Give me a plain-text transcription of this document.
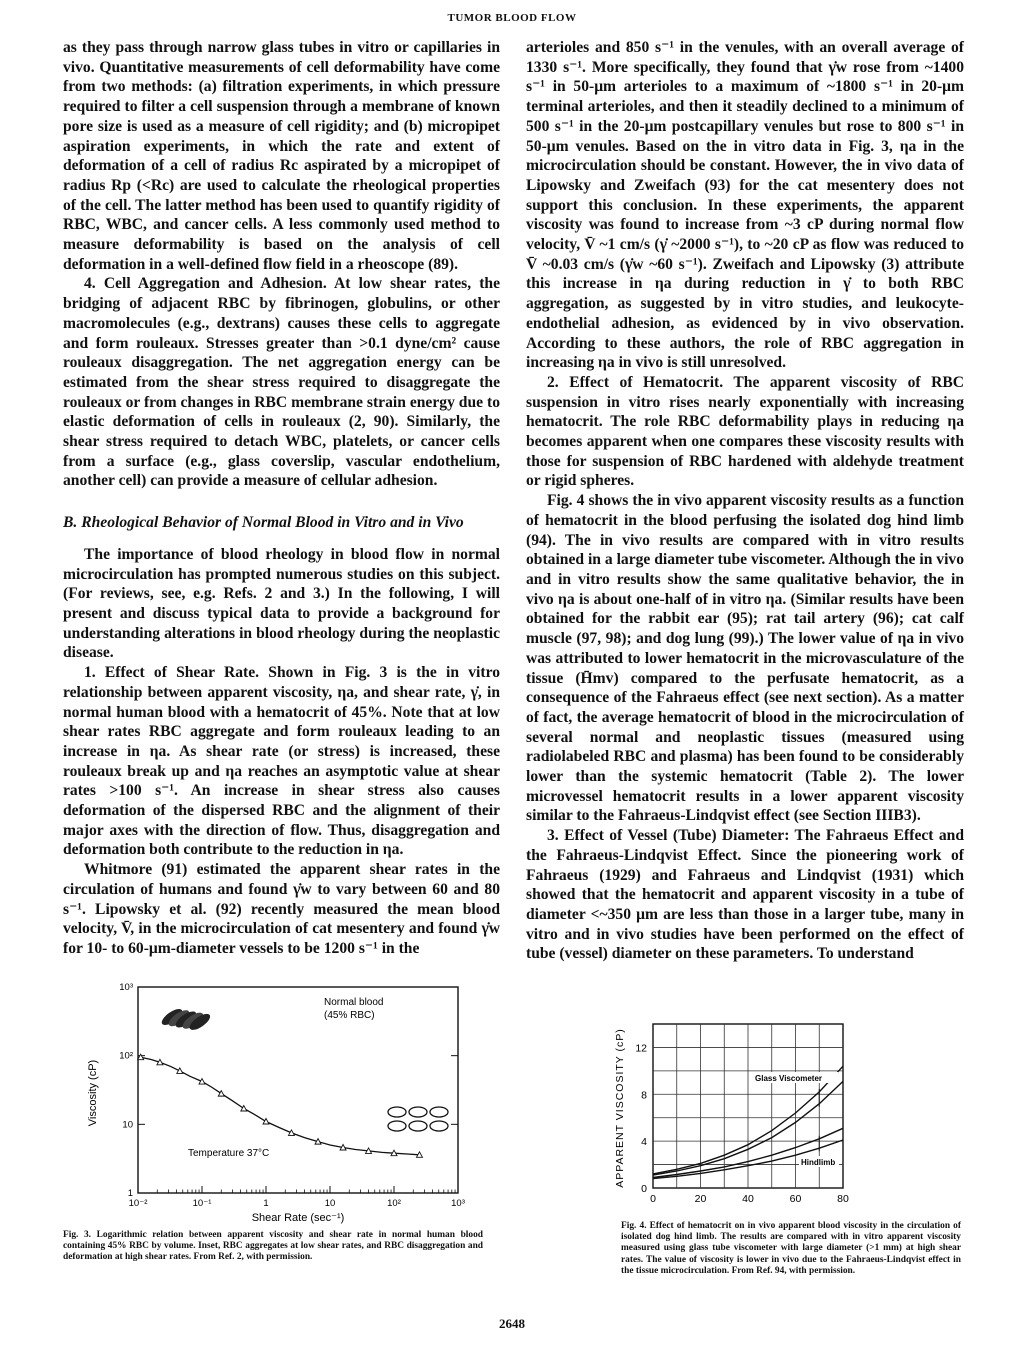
TUMOR BLOOD FLOW

as they pass through narrow glass tubes in vitro or capillaries in vivo. Quantitative measurements of cell deformability have come from two methods: (a) filtration experiments, in which pressure required to filter a cell suspension through a membrane of known pore size is used as a measure of cell rigidity; and (b) micropipet aspiration experiments, in which the rate and extent of deformation of a cell of radius Rc aspirated by a micropipet of radius Rp (<Rc) are used to calculate the rheological properties of the cell. The latter method has been used to quantify rigidity of RBC, WBC, and cancer cells. A less commonly used method to measure deformability is based on the analysis of cell deformation in a well-defined flow field in a rheoscope (89).

4. Cell Aggregation and Adhesion. At low shear rates, the bridging of adjacent RBC by fibrinogen, globulins, or other macromolecules (e.g., dextrans) causes these cells to aggregate and form rouleaux. Stresses greater than >0.1 dyne/cm² cause rouleaux disaggregation. The net aggregation energy can be estimated from the shear stress required to disaggregate the rouleaux or from changes in RBC membrane strain energy due to elastic deformation of cells in rouleaux (2, 90). Similarly, the shear stress required to detach WBC, platelets, or cancer cells from a surface (e.g., glass coverslip, vascular endothelium, another cell) can provide a measure of cellular adhesion.

B. Rheological Behavior of Normal Blood in Vitro and in Vivo

The importance of blood rheology in blood flow in normal microcirculation has prompted numerous studies on this subject. (For reviews, see, e.g. Refs. 2 and 3.) In the following, I will present and discuss typical data to provide a background for understanding alterations in blood rheology during the neoplastic disease.

1. Effect of Shear Rate. Shown in Fig. 3 is the in vitro relationship between apparent viscosity, ηa, and shear rate, γ̇, in normal human blood with a hematocrit of 45%. Note that at low shear rates RBC aggregate and form rouleaux leading to an increase in ηa. As shear rate (or stress) is increased, these rouleaux break up and ηa reaches an asymptotic value at shear rates >100 s⁻¹. An increase in shear stress also causes deformation of the dispersed RBC and the alignment of their major axes with the direction of flow. Thus, disaggregation and deformation both contribute to the reduction in ηa.

Whitmore (91) estimated the apparent shear rates in the circulation of humans and found γ̇w to vary between 60 and 80 s⁻¹. Lipowsky et al. (92) recently measured the mean blood velocity, V̄, in the microcirculation of cat mesentery and found γ̇w for 10- to 60-μm-diameter vessels to be 1200 s⁻¹ in the

arterioles and 850 s⁻¹ in the venules, with an overall average of 1330 s⁻¹. More specifically, they found that γ̇w rose from ~1400 s⁻¹ in 50-μm arterioles to a maximum of ~1800 s⁻¹ in 20-μm terminal arterioles, and then it steadily declined to a minimum of 500 s⁻¹ in the 20-μm postcapillary venules but rose to 800 s⁻¹ in 50-μm venules. Based on the in vitro data in Fig. 3, ηa in the microcirculation should be constant. However, the in vivo data of Lipowsky and Zweifach (93) for the cat mesentery does not support this conclusion. In these experiments, the apparent viscosity was found to increase from ~3 cP during normal flow velocity, V̄ ~1 cm/s (γ̇ ~2000 s⁻¹), to ~20 cP as flow was reduced to V̄ ~0.03 cm/s (γ̇w ~60 s⁻¹). Zweifach and Lipowsky (3) attribute this increase in ηa during reduction in γ̇ to both RBC aggregation, as suggested by in vitro studies, and leukocyte-endothelial adhesion, as evidenced by in vivo observation. According to these authors, the role of RBC aggregation in increasing ηa in vivo is still unresolved.

2. Effect of Hematocrit. The apparent viscosity of RBC suspension in vitro rises nearly exponentially with increasing hematocrit. The role RBC deformability plays in reducing ηa becomes apparent when one compares these viscosity results with those for suspension of RBC hardened with aldehyde treatment or rigid spheres.

Fig. 4 shows the in vivo apparent viscosity results as a function of hematocrit in the blood perfusing the isolated dog hind limb (94). The in vivo results are compared with in vitro results obtained in a large diameter tube viscometer. Although the in vivo and in vitro results show the same qualitative behavior, the in vivo ηa is about one-half of in vitro ηa. (Similar results have been obtained for the rabbit ear (95); rat tail artery (96); cat calf muscle (97, 98); and dog lung (99).) The lower value of ηa in vivo was attributed to lower hematocrit in the microvasculature of the tissue (H̄mv) compared to the perfusate hematocrit, as a consequence of the Fahraeus effect (see next section). As a matter of fact, the average hematocrit of blood in the microcirculation of several normal and neoplastic tissues (measured using radiolabeled RBC and plasma) has been found to be considerably lower than the systemic hematocrit (Table 2). The lower microvessel hematocrit results in a lower apparent viscosity similar to the Fahraeus-Lindqvist effect (see Section IIIB3).

3. Effect of Vessel (Tube) Diameter: The Fahraeus Effect and the Fahraeus-Lindqvist Effect. Since the pioneering work of Fahraeus (1929) and Fahraeus and Lindqvist (1931) which showed that the hematocrit and apparent viscosity in a tube of diameter <~350 μm are less than those in a larger tube, many in vitro and in vivo studies have been performed on the effect of tube (vessel) diameter on these parameters. To understand

10⁻²	10⁻¹	1	10	10²	10³
1
10
10²
10³
Normal blood
(45% RBC)
Temperature 37°C
Shear Rate (sec⁻¹)
Viscosity (cP)
Fig. 3. Logarithmic relation between apparent viscosity and shear rate in normal human blood containing 45% RBC by volume. Inset, RBC aggregates at low shear rates, and RBC disaggregation and deformation at high shear rates. From Ref. 2, with permission.
0	20	40	60	80
0
4
8
12
Glass Viscometer
Hindlimb
APPARENT VISCOSITY (cP)
Fig. 4. Effect of hematocrit on in vivo apparent blood viscosity in the circulation of isolated dog hind limb. The results are compared with in vitro apparent viscosity measured using glass tube viscometer with large diameter (>1 mm) at high shear rates. The value of viscosity is lower in vivo due to the Fahraeus-Lindqvist effect in the tissue microcirculation. From Ref. 94, with permission.
2648
